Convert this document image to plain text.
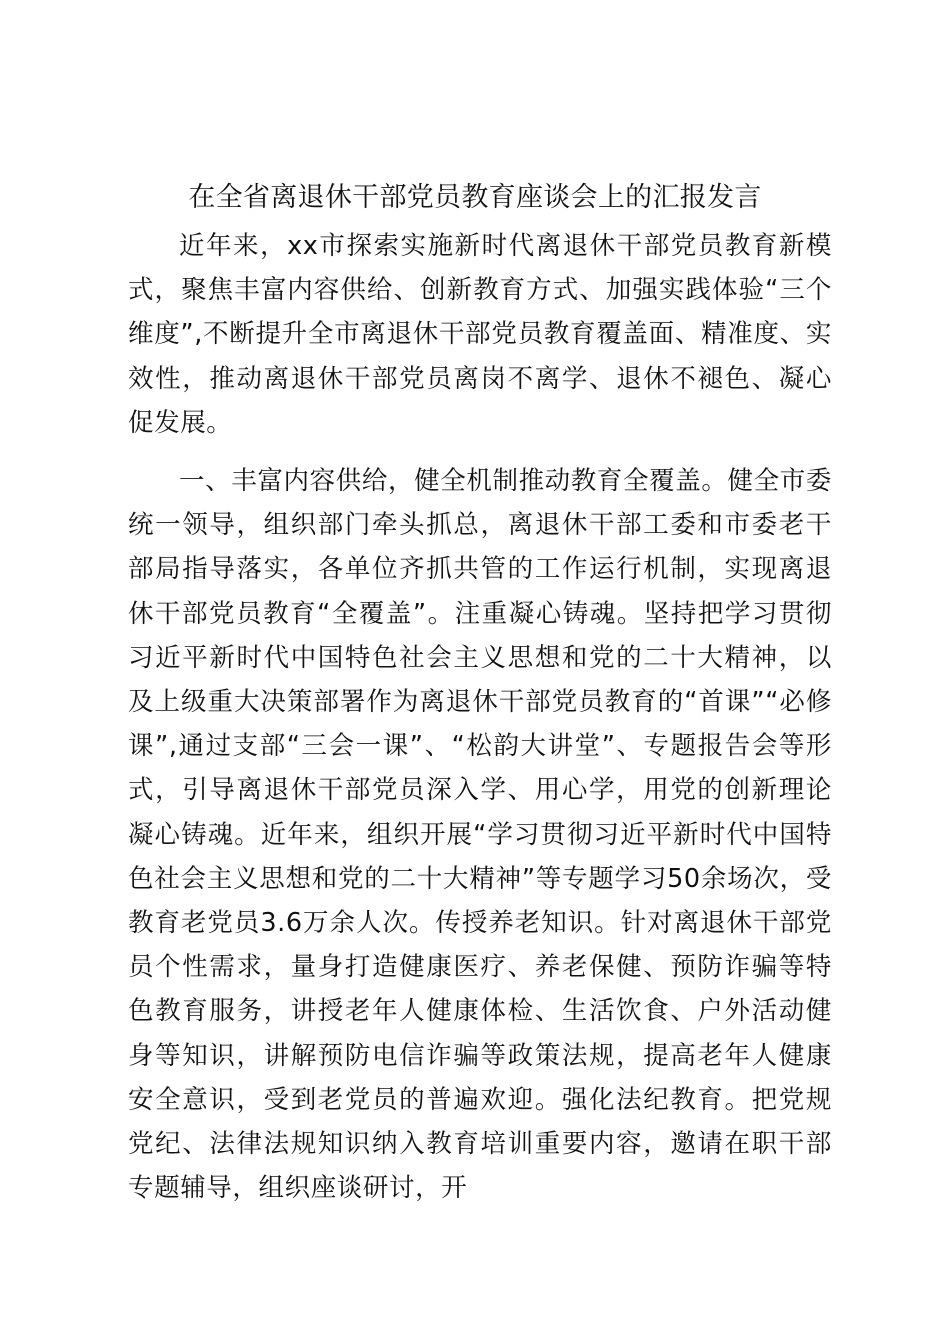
在全省离退休干部党员教育座谈会上的汇报发言

近年来，xx市探索实施新时代离退休干部党员教育新模式，聚焦丰富内容供给、创新教育方式、加强实践体验“三个维度”,不断提升全市离退休干部党员教育覆盖面、精准度、实效性，推动离退休干部党员离岗不离学、退休不褪色、凝心促发展。

一、丰富内容供给，健全机制推动教育全覆盖。健全市委统一领导，组织部门牵头抓总，离退休干部工委和市委老干部局指导落实，各单位齐抓共管的工作运行机制，实现离退休干部党员教育“全覆盖”。注重凝心铸魂。坚持把学习贯彻习近平新时代中国特色社会主义思想和党的二十大精神，以及上级重大决策部署作为离退休干部党员教育的“首课”“必修课”,通过支部“三会一课”、“松韵大讲堂”、专题报告会等形式，引导离退休干部党员深入学、用心学，用党的创新理论凝心铸魂。近年来，组织开展“学习贯彻习近平新时代中国特色社会主义思想和党的二十大精神”等专题学习50余场次，受教育老党员3.6万余人次。传授养老知识。针对离退休干部党员个性需求，量身打造健康医疗、养老保健、预防诈骗等特色教育服务，讲授老年人健康体检、生活饮食、户外活动健身等知识，讲解预防电信诈骗等政策法规，提高老年人健康安全意识，受到老党员的普遍欢迎。强化法纪教育。把党规党纪、法律法规知识纳入教育培训重要内容，邀请在职干部专题辅导，组织座谈研讨，开
